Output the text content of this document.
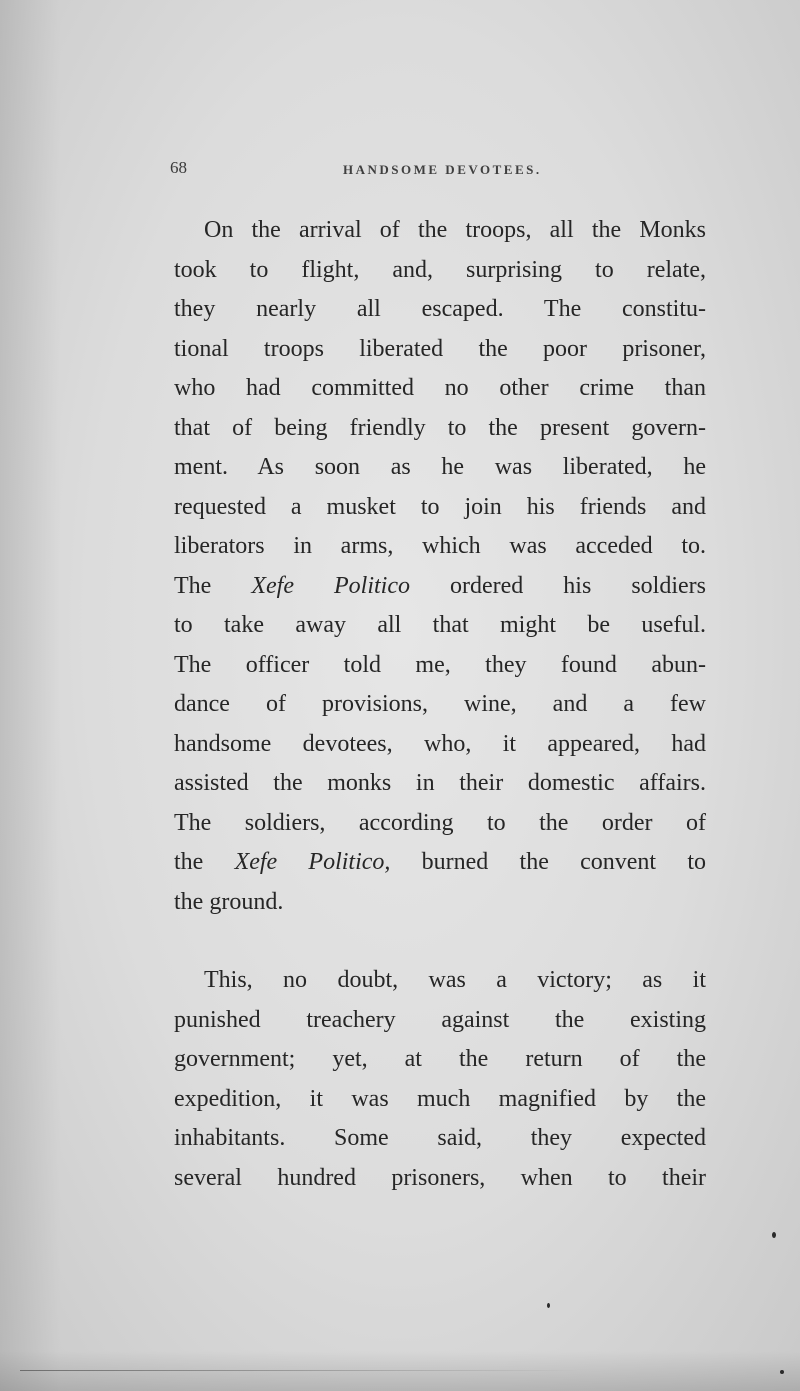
68	HANDSOME DEVOTEES.
On the arrival of the troops, all the Monks
took to flight, and, surprising to relate,
they nearly all escaped. The constitu-
tional troops liberated the poor prisoner,
who had committed no other crime than
that of being friendly to the present govern-
ment. As soon as he was liberated, he
requested a musket to join his friends and
liberators in arms, which was acceded to.
The Xefe Politico ordered his soldiers
to take away all that might be useful.
The officer told me, they found abun-
dance of provisions, wine, and a few
handsome devotees, who, it appeared, had
assisted the monks in their domestic affairs.
The soldiers, according to the order of
the Xefe Politico, burned the convent to
the ground.
This, no doubt, was a victory; as it
punished treachery against the existing
government; yet, at the return of the
expedition, it was much magnified by the
inhabitants. Some said, they expected
several hundred prisoners, when to their
